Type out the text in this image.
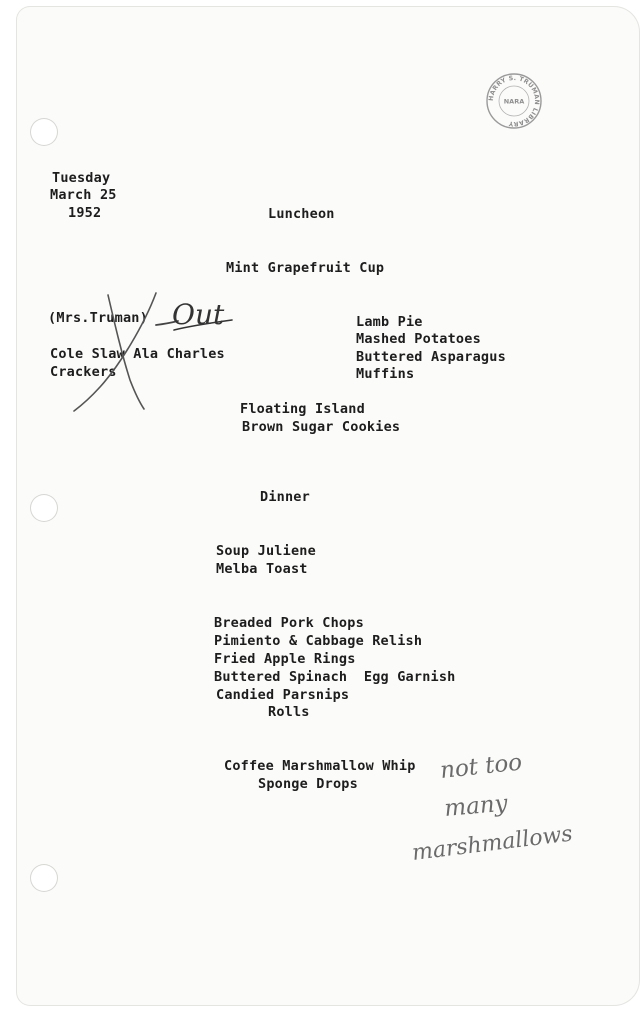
HARRY S. TRUMAN LIBRARY
NARA
Tuesday
March 25
1952	Luncheon
Mint Grapefruit Cup
(Mrs.Truman)
Cole Slaw Ala Charles
Crackers
Out	Lamb Pie
Mashed Potatoes
Buttered Asparagus
Muffins
Floating Island
Brown Sugar Cookies
Dinner
Soup Juliene
Melba Toast
Breaded Pork Chops
Pimiento & Cabbage Relish
Fried Apple Rings
Buttered Spinach  Egg Garnish
Candied Parsnips
Rolls
Coffee Marshmallow Whip
Sponge Drops
not too
many
marshmallows
